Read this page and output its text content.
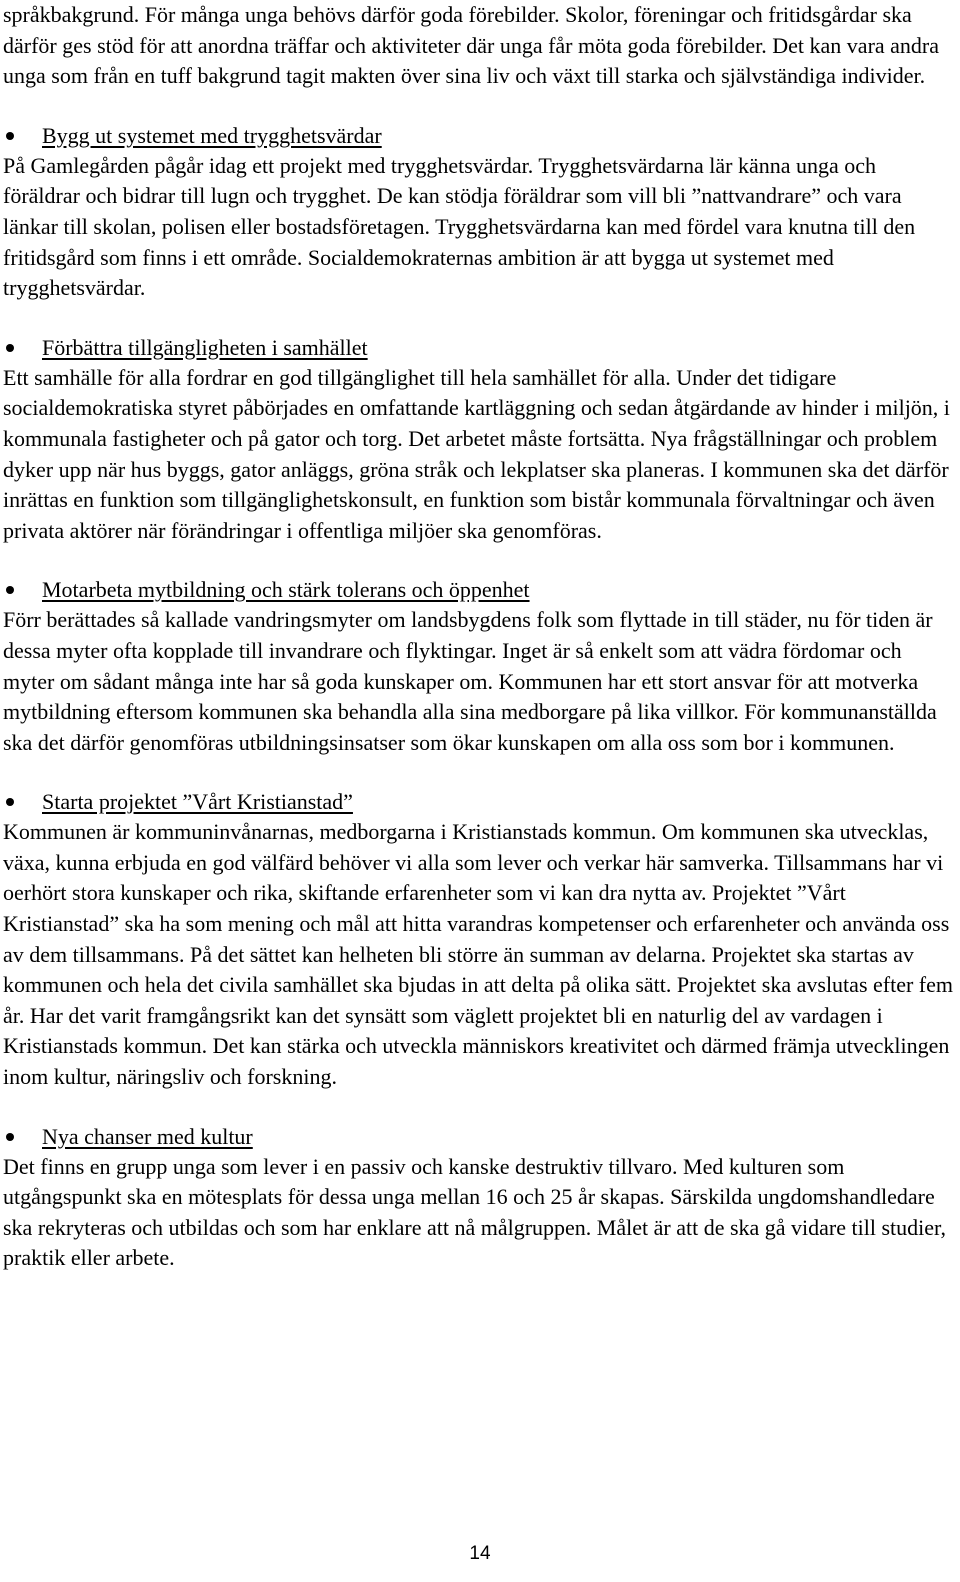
språkbakgrund. För många unga behövs därför goda förebilder. Skolor, föreningar och fritidsgårdar ska därför ges stöd för att anordna träffar och aktiviteter där unga får möta goda förebilder. Det kan vara andra unga som från en tuff bakgrund tagit makten över sina liv och växt till starka och självständiga individer.

Bygg ut systemet med trygghetsvärdar

På Gamlegården pågår idag ett projekt med trygghetsvärdar. Trygghetsvärdarna lär känna unga och föräldrar och bidrar till lugn och trygghet. De kan stödja föräldrar som vill bli ”nattvandrare” och vara länkar till skolan, polisen eller bostadsföretagen. Trygghetsvärdarna kan med fördel vara knutna till den fritidsgård som finns i ett område. Socialdemokraternas ambition är att bygga ut systemet med trygghetsvärdar.

Förbättra tillgängligheten i samhället

Ett samhälle för alla fordrar en god tillgänglighet till hela samhället för alla. Under det tidigare socialdemokratiska styret påbörjades en omfattande kartläggning och sedan åtgärdande av hinder i miljön, i kommunala fastigheter och på gator och torg. Det arbetet måste fortsätta. Nya frågställningar och problem dyker upp när hus byggs, gator anläggs, gröna stråk och lekplatser ska planeras. I kommunen ska det därför inrättas en funktion som tillgänglighetskonsult, en funktion som bistår kommunala förvaltningar och även privata aktörer när förändringar i offentliga miljöer ska genomföras.

Motarbeta mytbildning och stärk tolerans och öppenhet

Förr berättades så kallade vandringsmyter om landsbygdens folk som flyttade in till städer, nu för tiden är dessa myter ofta kopplade till invandrare och flyktingar. Inget är så enkelt som att vädra fördomar och myter om sådant många inte har så goda kunskaper om. Kommunen har ett stort ansvar för att motverka mytbildning eftersom kommunen ska behandla alla sina medborgare på lika villkor. För kommunanställda ska det därför genomföras utbildningsinsatser som ökar kunskapen om alla oss som bor i kommunen.

Starta projektet ”Vårt Kristianstad”

Kommunen är kommuninvånarnas, medborgarna i Kristianstads kommun. Om kommunen ska utvecklas, växa, kunna erbjuda en god välfärd behöver vi alla som lever och verkar här samverka. Tillsammans har vi oerhört stora kunskaper och rika, skiftande erfarenheter som vi kan dra nytta av. Projektet ”Vårt Kristianstad” ska ha som mening och mål att hitta varandras kompetenser och erfarenheter och använda oss av dem tillsammans. På det sättet kan helheten bli större än summan av delarna. Projektet ska startas av kommunen och hela det civila samhället ska bjudas in att delta på olika sätt. Projektet ska avslutas efter fem år. Har det varit framgångsrikt kan det synsätt som väglett projektet bli en naturlig del av vardagen i Kristianstads kommun. Det kan stärka och utveckla människors kreativitet och därmed främja utvecklingen inom kultur, näringsliv och forskning.

Nya chanser med kultur

Det finns en grupp unga som lever i en passiv och kanske destruktiv tillvaro. Med kulturen som utgångspunkt ska en mötesplats för dessa unga mellan 16 och 25 år skapas. Särskilda ungdomshandledare ska rekryteras och utbildas och som har enklare att nå målgruppen. Målet är att de ska gå vidare till studier, praktik eller arbete.

14
